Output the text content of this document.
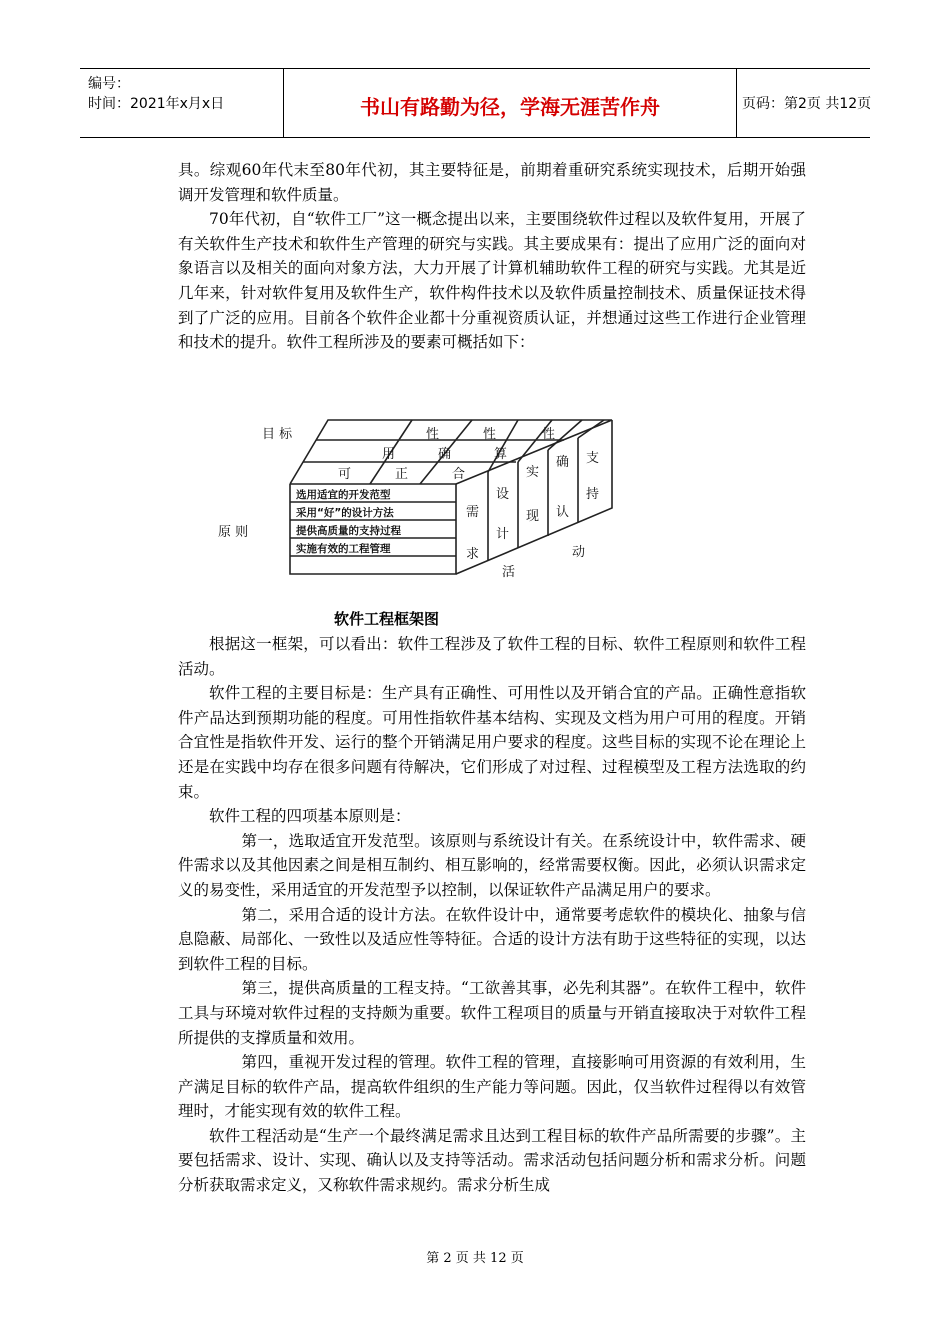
编号：
时间：2021年x月x日	书山有路勤为径，学海无涯苦作舟	页码：第2页 共12页

具。综观60年代末至80年代初，其主要特征是，前期着重研究系统实现技术，后期开始强调开发管理和软件质量。

70年代初，自“软件工厂”这一概念提出以来，主要围绕软件过程以及软件复用，开展了有关软件生产技术和软件生产管理的研究与实践。其主要成果有：提出了应用广泛的面向对象语言以及相关的面向对象方法，大力开展了计算机辅助软件工程的研究与实践。尤其是近几年来，针对软件复用及软件生产，软件构件技术以及软件质量控制技术、质量保证技术得到了广泛的应用。目前各个软件企业都十分重视资质认证，并想通过这些工作进行企业管理和技术的提升。软件工程所涉及的要素可概括如下：

目 标
原 则
性	性	性
用	确	算
可	正	合
选用适宜的开发范型
采用“好”的设计方法
提供高质量的支持过程
实施有效的工程管理
需
求
设
计
实
现
确
认
支
持
活
动
软件工程框架图

根据这一框架，可以看出：软件工程涉及了软件工程的目标、软件工程原则和软件工程活动。

软件工程的主要目标是：生产具有正确性、可用性以及开销合宜的产品。正确性意指软件产品达到预期功能的程度。可用性指软件基本结构、实现及文档为用户可用的程度。开销合宜性是指软件开发、运行的整个开销满足用户要求的程度。这些目标的实现不论在理论上还是在实践中均存在很多问题有待解决，它们形成了对过程、过程模型及工程方法选取的约束。

软件工程的四项基本原则是：

第一，选取适宜开发范型。该原则与系统设计有关。在系统设计中，软件需求、硬件需求以及其他因素之间是相互制约、相互影响的，经常需要权衡。因此，必须认识需求定义的易变性，采用适宜的开发范型予以控制，以保证软件产品满足用户的要求。

第二，采用合适的设计方法。在软件设计中，通常要考虑软件的模块化、抽象与信息隐蔽、局部化、一致性以及适应性等特征。合适的设计方法有助于这些特征的实现，以达到软件工程的目标。

第三，提供高质量的工程支持。“工欲善其事，必先利其器”。在软件工程中，软件工具与环境对软件过程的支持颇为重要。软件工程项目的质量与开销直接取决于对软件工程所提供的支撑质量和效用。

第四，重视开发过程的管理。软件工程的管理，直接影响可用资源的有效利用，生产满足目标的软件产品，提高软件组织的生产能力等问题。因此，仅当软件过程得以有效管理时，才能实现有效的软件工程。

软件工程活动是“生产一个最终满足需求且达到工程目标的软件产品所需要的步骤”。主要包括需求、设计、实现、确认以及支持等活动。需求活动包括问题分析和需求分析。问题分析获取需求定义，又称软件需求规约。需求分析生成

第 2 页 共 12 页
